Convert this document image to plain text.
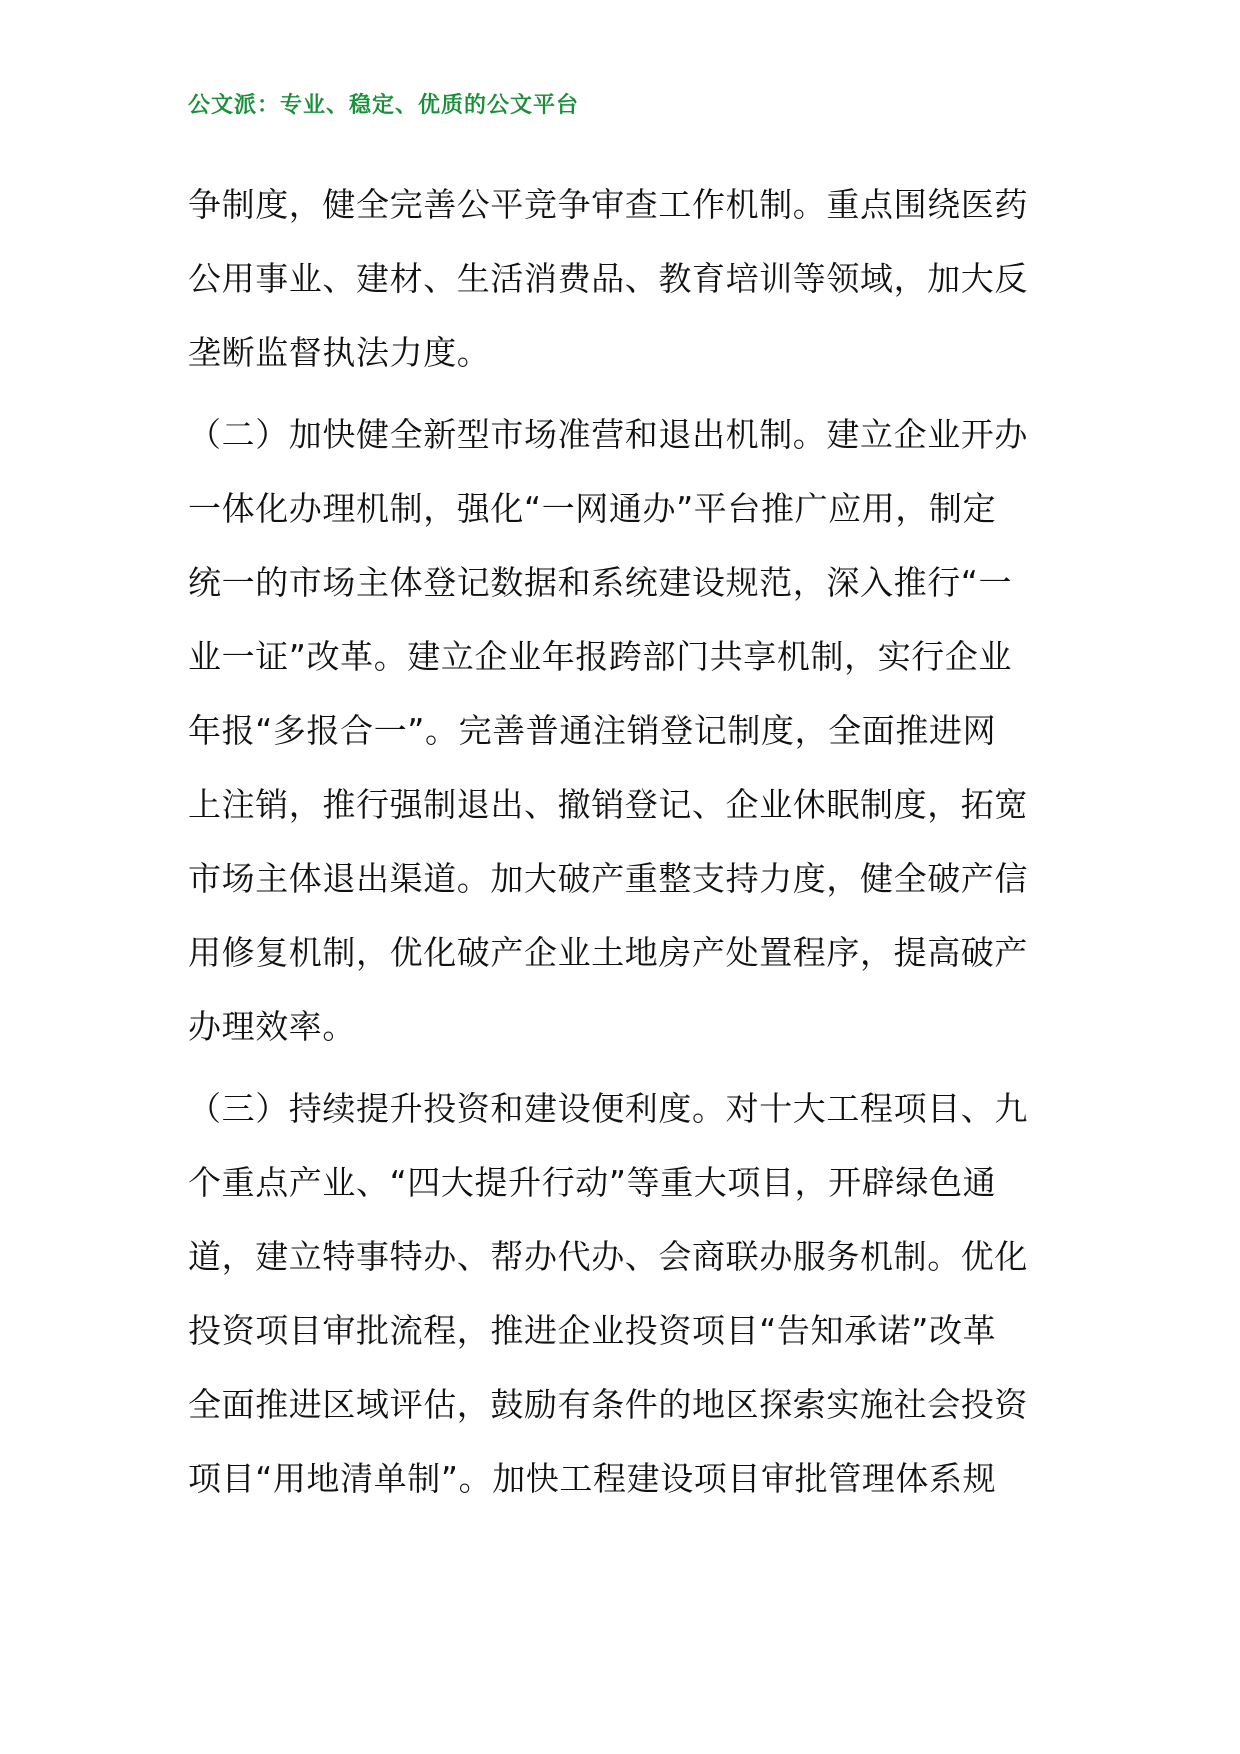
公文派：专业、稳定、优质的公文平台
争制度，健全完善公平竞争审查工作机制。重点围绕医药
公用事业、建材、生活消费品、教育培训等领域，加大反
垄断监督执法力度。
（二）加快健全新型市场准营和退出机制。建立企业开办
一体化办理机制，强化“一网通办”平台推广应用，制定
统一的市场主体登记数据和系统建设规范，深入推行“一
业一证”改革。建立企业年报跨部门共享机制，实行企业
年报“多报合一”。完善普通注销登记制度，全面推进网
上注销，推行强制退出、撤销登记、企业休眠制度，拓宽
市场主体退出渠道。加大破产重整支持力度，健全破产信
用修复机制，优化破产企业土地房产处置程序，提高破产
办理效率。
（三）持续提升投资和建设便利度。对十大工程项目、九
个重点产业、“四大提升行动”等重大项目，开辟绿色通
道，建立特事特办、帮办代办、会商联办服务机制。优化
投资项目审批流程，推进企业投资项目“告知承诺”改革
全面推进区域评估，鼓励有条件的地区探索实施社会投资
项目“用地清单制”。加快工程建设项目审批管理体系规
